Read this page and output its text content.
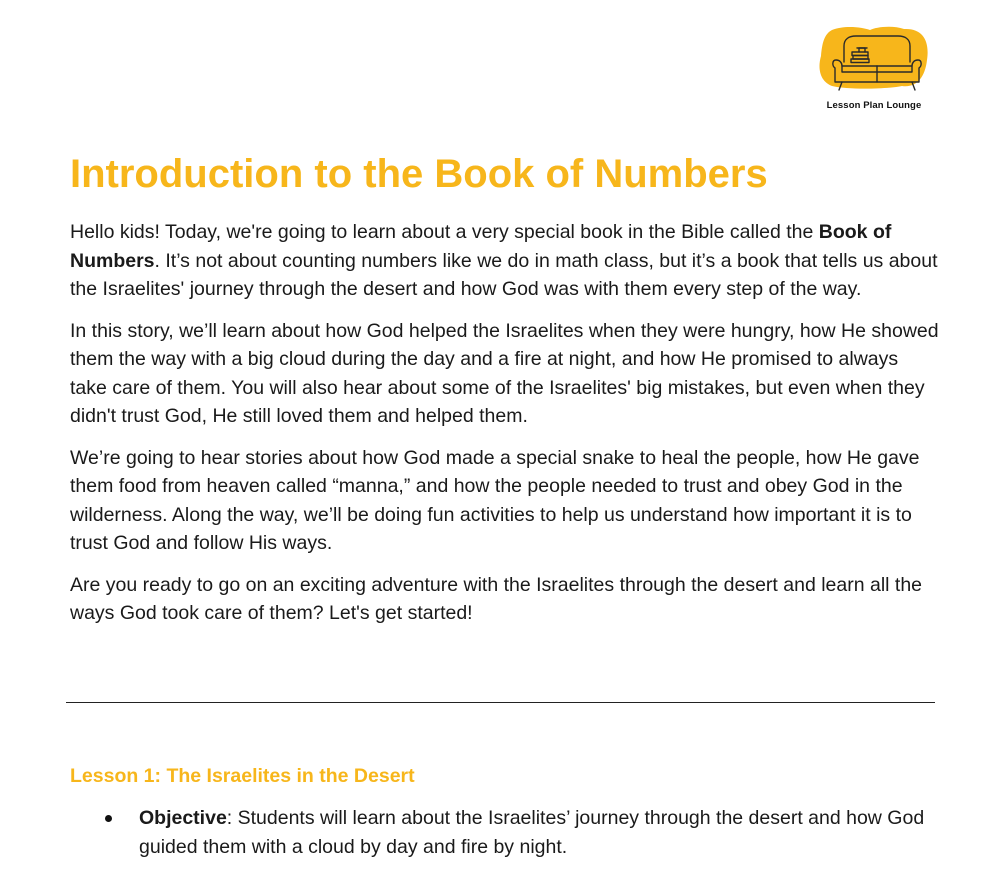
Lesson Plan Lounge
Introduction to the Book of Numbers

Hello kids! Today, we're going to learn about a very special book in the Bible called the Book of Numbers. It’s not about counting numbers like we do in math class, but it’s a book that tells us about the Israelites' journey through the desert and how God was with them every step of the way.

In this story, we’ll learn about how God helped the Israelites when they were hungry, how He showed them the way with a big cloud during the day and a fire at night, and how He promised to always take care of them. You will also hear about some of the Israelites' big mistakes, but even when they didn't trust God, He still loved them and helped them.

We’re going to hear stories about how God made a special snake to heal the people, how He gave them food from heaven called “manna,” and how the people needed to trust and obey God in the wilderness. Along the way, we’ll be doing fun activities to help us understand how important it is to trust God and follow His ways.

Are you ready to go on an exciting adventure with the Israelites through the desert and learn all the ways God took care of them? Let's get started!

Lesson 1: The Israelites in the Desert
Objective: Students will learn about the Israelites’ journey through the desert and how God guided them with a cloud by day and fire by night.
